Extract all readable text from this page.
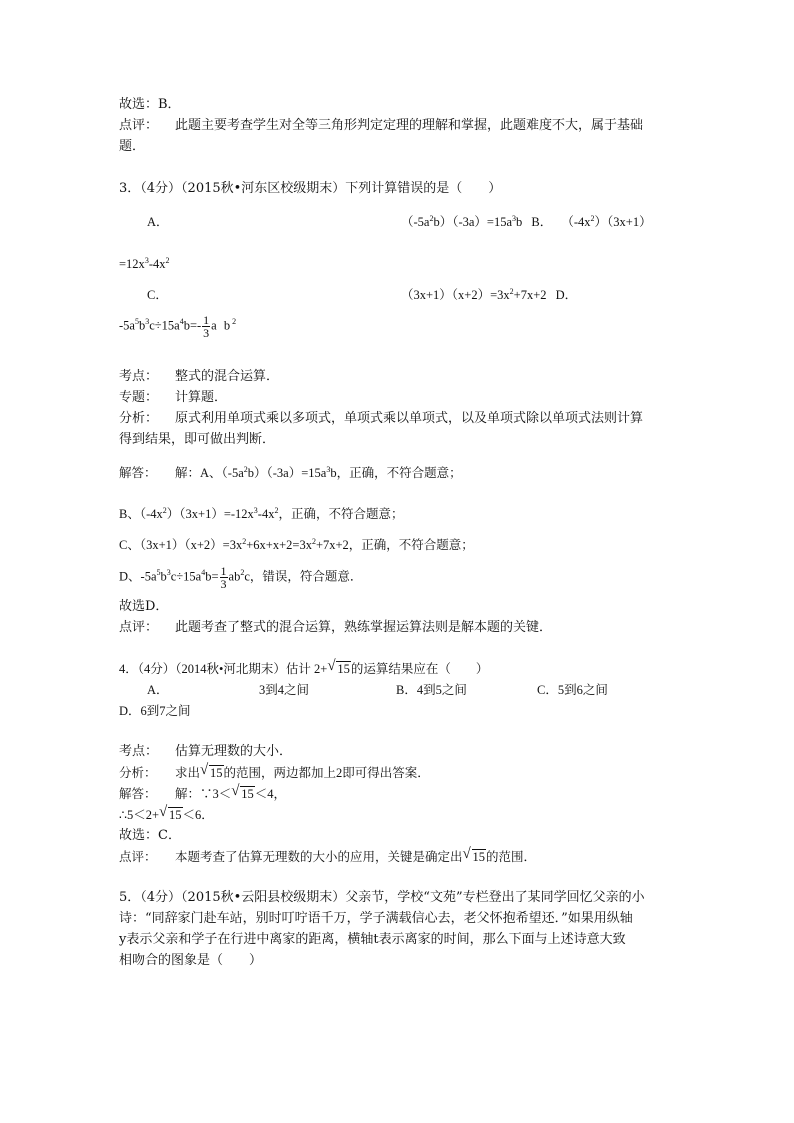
故选：B．
点评： 此题主要考查学生对全等三角形判定定理的理解和掌握，此题难度不大，属于基础
题．
3．（4分）（2015秋•河东区校级期末）下列计算错误的是（　　）
A．	$(-5a^2b)(-3a)=15a^3b$ B． $(-4x^2)(3x+1)$
$=12x^3-4x^2$
C．	$(3x+1)(x+2)=3x^2+7x+2$ D．
$-5a^5b^3c\div 15a^4b=- \frac{1}{3}$ a $b^2$
考点： 整式的混合运算．
专题： 计算题．
分析： 原式利用单项式乘以多项式，单项式乘以单项式，以及单项式除以单项式法则计算
得到结果，即可做出判断．
解答： 解：A、$(-5a^2b)(-3a)=15a^3b$，正确，不符合题意；
B、$(-4x^2)(3x+1)=-12x^3-4x^2$，正确，不符合题意；
C、$(3x+1)(x+2)=3x^2+6x+x+2=3x^2+7x+2$，正确，不符合题意；
D、$-5a^5b^3c\div 15a^4b= \frac{1}{3} ab^2c$，错误，符合题意．
故选D．
点评： 此题考查了整式的混合运算，熟练掌握运算法则是解本题的关键．
4．（4分）（2014秋•河北期末）估计 2+ √ 15的运算结果应在（　　）
A．	3到4之间	B．4到5之间	C．5到6之间
D．6到7之间
考点： 估算无理数的大小．
分析： 求出 √ 15的范围，两边都加上2即可得出答案．
解答： 解：∵3＜ √ 15＜4，
∴5＜2+ √ 15＜6．
故选：C．
点评： 本题考查了估算无理数的大小的应用，关键是确定出 √ 15的范围．
5．（4分）（2015秋•云阳县校级期末）父亲节，学校“文苑”专栏登出了某同学回忆父亲的小
诗：“同辞家门赴车站，别时叮咛语千万，学子满载信心去，老父怀抱希望还．”如果用纵轴
y表示父亲和学子在行进中离家的距离，横轴t表示离家的时间，那么下面与上述诗意大致
相吻合的图象是（　　）
